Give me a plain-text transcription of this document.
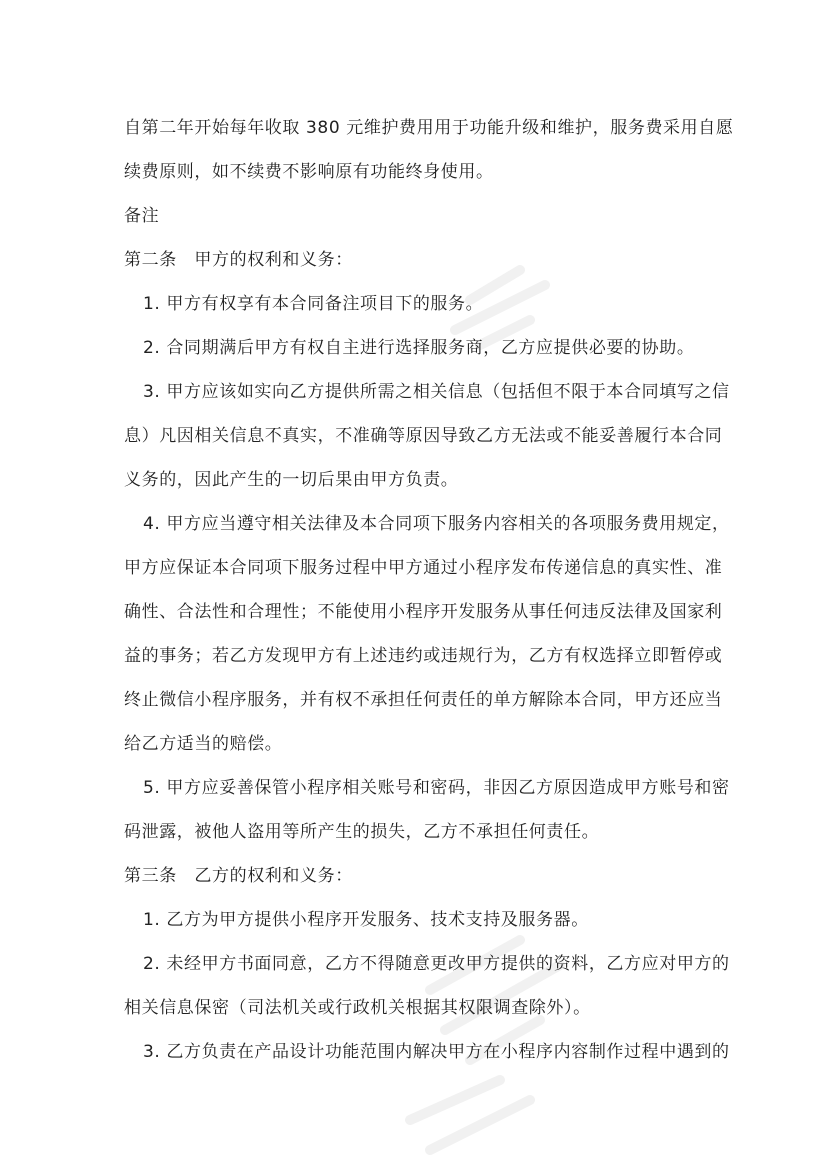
自第二年开始每年收取 380 元维护费用用于功能升级和维护，服务费采用自愿
续费原则，如不续费不影响原有功能终身使用。
备注
第二条　甲方的权利和义务：
1. 甲方有权享有本合同备注项目下的服务。
2. 合同期满后甲方有权自主进行选择服务商，乙方应提供必要的协助。
3. 甲方应该如实向乙方提供所需之相关信息（包括但不限于本合同填写之信
息）凡因相关信息不真实，不准确等原因导致乙方无法或不能妥善履行本合同
义务的，因此产生的一切后果由甲方负责。
4. 甲方应当遵守相关法律及本合同项下服务内容相关的各项服务费用规定，
甲方应保证本合同项下服务过程中甲方通过小程序发布传递信息的真实性、准
确性、合法性和合理性；不能使用小程序开发服务从事任何违反法律及国家利
益的事务；若乙方发现甲方有上述违约或违规行为，乙方有权选择立即暂停或
终止微信小程序服务，并有权不承担任何责任的单方解除本合同，甲方还应当
给乙方适当的赔偿。
5. 甲方应妥善保管小程序相关账号和密码，非因乙方原因造成甲方账号和密
码泄露，被他人盗用等所产生的损失，乙方不承担任何责任。
第三条　乙方的权利和义务：
1. 乙方为甲方提供小程序开发服务、技术支持及服务器。
2. 未经甲方书面同意，乙方不得随意更改甲方提供的资料，乙方应对甲方的
相关信息保密（司法机关或行政机关根据其权限调查除外）。
3. 乙方负责在产品设计功能范围内解决甲方在小程序内容制作过程中遇到的
